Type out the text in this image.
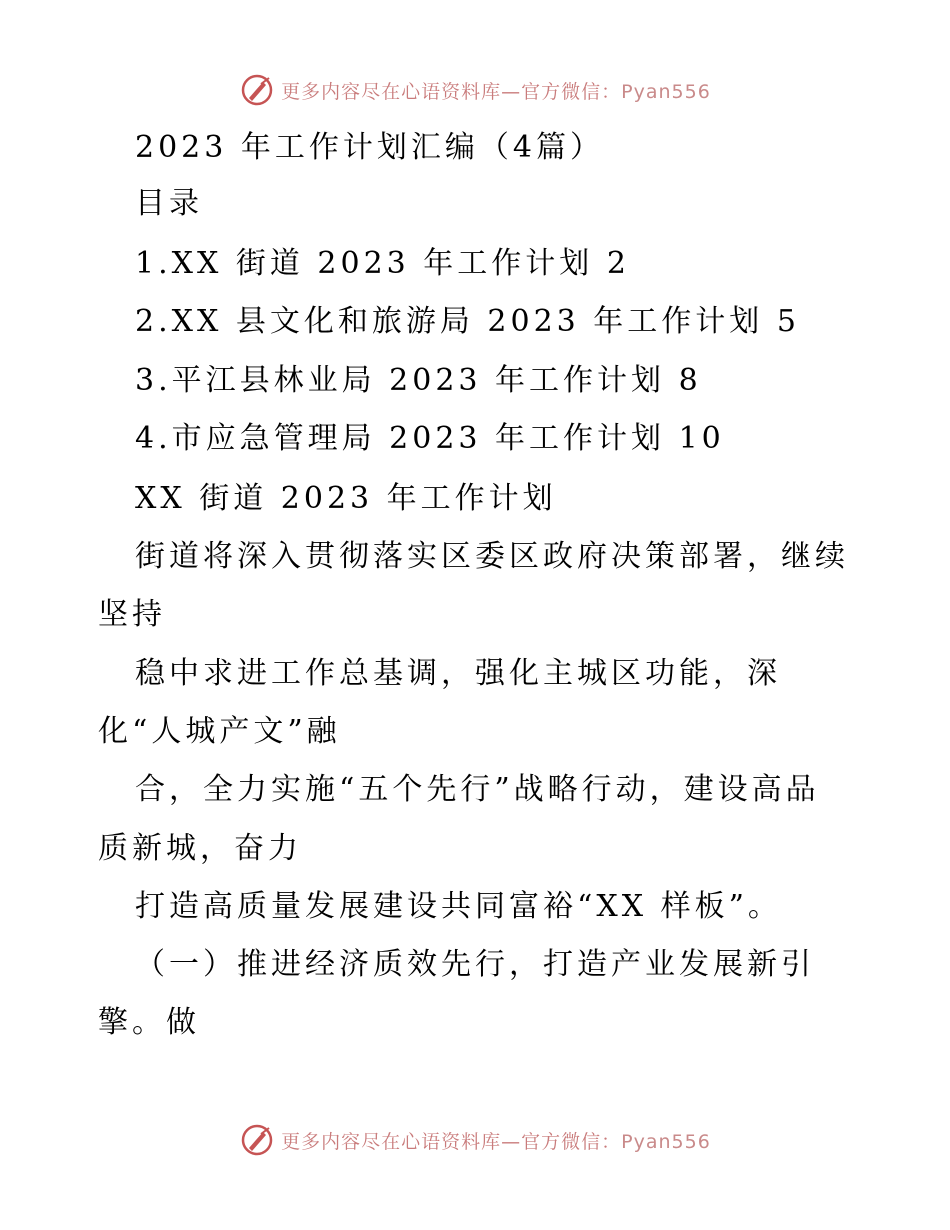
更多内容尽在心语资料库—官方微信：Pyan556
2023 年工作计划汇编（4篇）
目录
1.XX 街道 2023 年工作计划 2
2.XX 县文化和旅游局 2023 年工作计划 5
3.平江县林业局 2023 年工作计划 8
4.市应急管理局 2023 年工作计划 10
XX 街道 2023 年工作计划
街道将深入贯彻落实区委区政府决策部署，继续
坚持
稳中求进工作总基调，强化主城区功能，深
化“人城产文”融
合，全力实施“五个先行”战略行动，建设高品
质新城，奋力
打造高质量发展建设共同富裕“XX 样板”。
（一）推进经济质效先行，打造产业发展新引
擎。做
更多内容尽在心语资料库—官方微信：Pyan556
